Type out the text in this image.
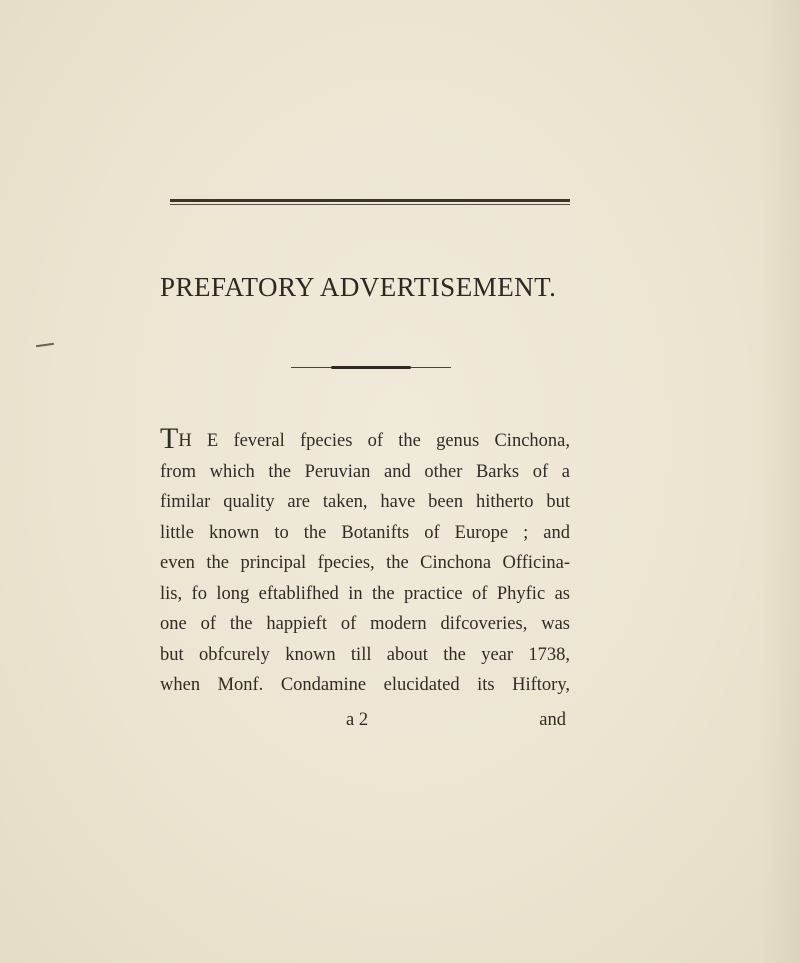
PREFATORY ADVERTISEMENT.
TH E feveral fpecies of the genus Cinchona,
from which the Peruvian and other Barks of a
fimilar quality are taken, have been hitherto but
little known to the Botanifts of Europe ; and
even the principal fpecies, the Cinchona Officina-
lis, fo long eftablifhed in the practice of Phyfic as
one of the happieft of modern difcoveries, was
but obfcurely known till about the year 1738,
when Monf. Condamine elucidated its Hiftory,
a 2	and
